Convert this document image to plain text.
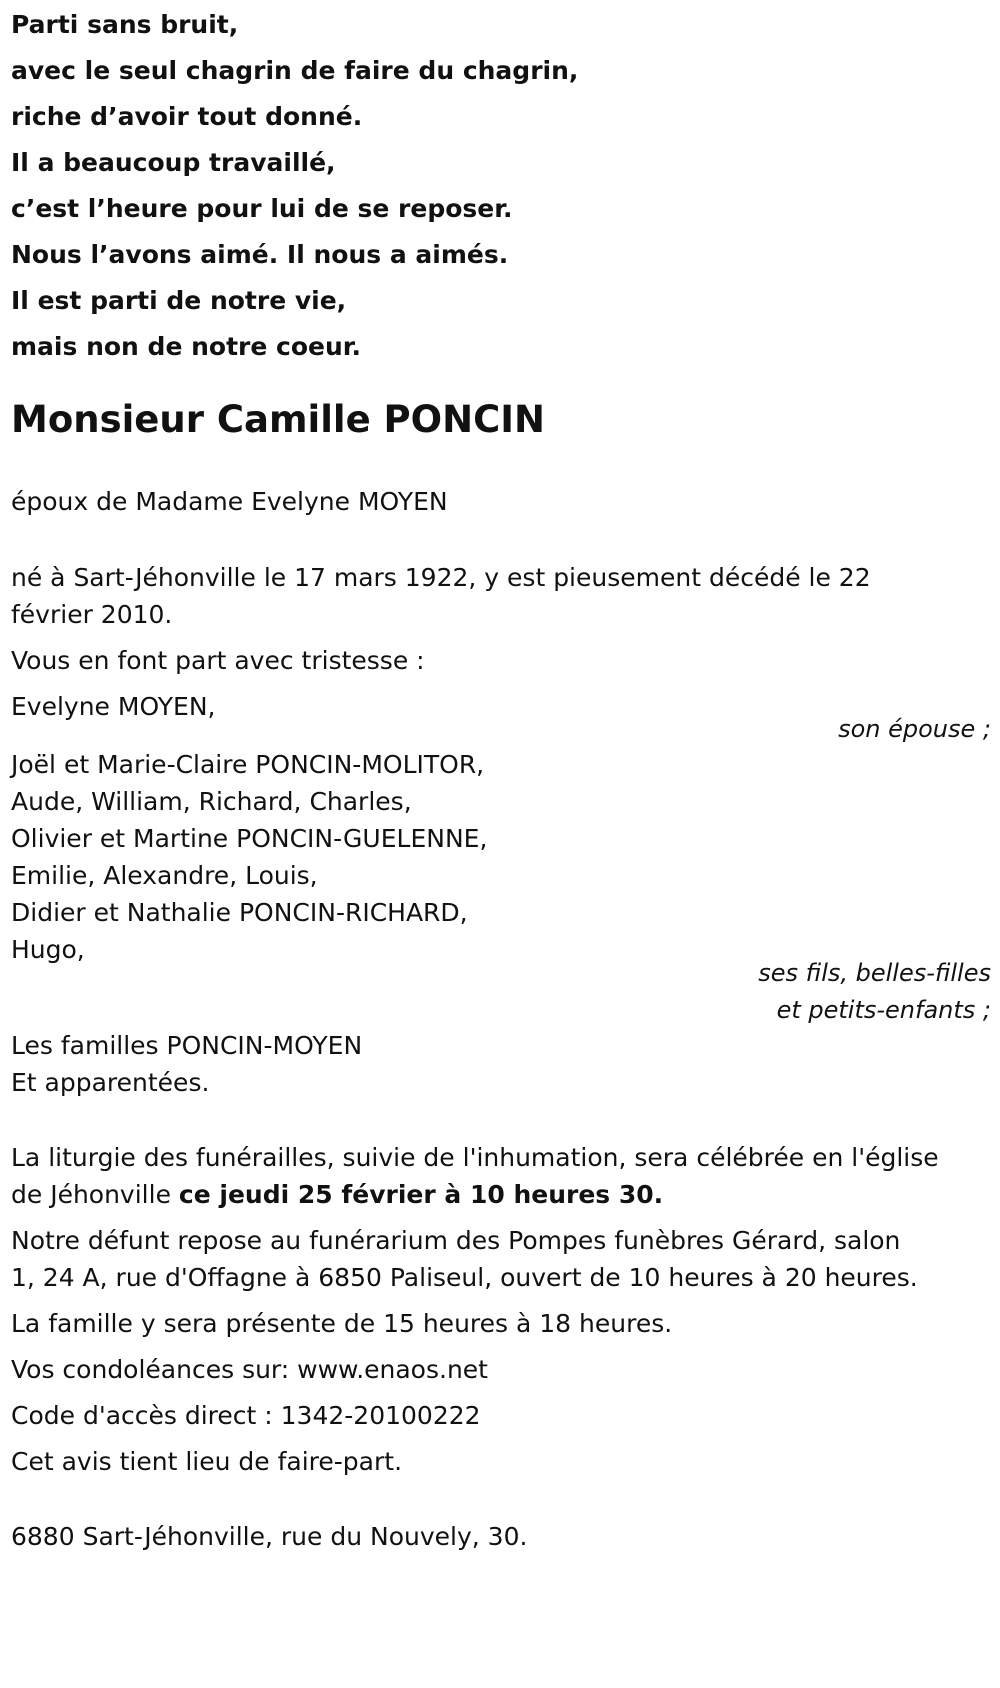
Parti sans bruit,
avec le seul chagrin de faire du chagrin,
riche d’avoir tout donné.
Il a beaucoup travaillé,
c’est l’heure pour lui de se reposer.
Nous l’avons aimé. Il nous a aimés.
Il est parti de notre vie,
mais non de notre coeur.
Monsieur Camille PONCIN
époux de Madame Evelyne MOYEN
né à Sart-Jéhonville le 17 mars 1922, y est pieusement décédé le 22
février 2010.
Vous en font part avec tristesse :
Evelyne MOYEN,
son épouse ;
Joël et Marie-Claire PONCIN-MOLITOR,
Aude, William, Richard, Charles,
Olivier et Martine PONCIN-GUELENNE,
Emilie, Alexandre, Louis,
Didier et Nathalie PONCIN-RICHARD,
Hugo,
ses fils, belles-filles
et petits-enfants ;
Les familles PONCIN-MOYEN
Et apparentées.
La liturgie des funérailles, suivie de l'inhumation, sera célébrée en l'église
de Jéhonville ce jeudi 25 février à 10 heures 30.
Notre défunt repose au funérarium des Pompes funèbres Gérard, salon
1, 24 A, rue d'Offagne à 6850 Paliseul, ouvert de 10 heures à 20 heures.
La famille y sera présente de 15 heures à 18 heures.
Vos condoléances sur: www.enaos.net
Code d'accès direct : 1342-20100222
Cet avis tient lieu de faire-part.
6880 Sart-Jéhonville, rue du Nouvely, 30.
